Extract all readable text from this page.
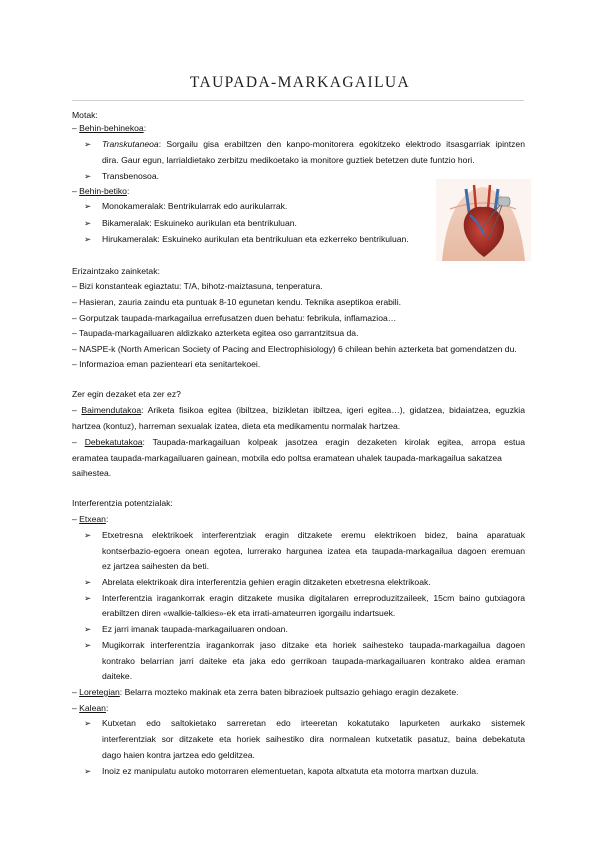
TAUPADA-MARKAGAILUA
Motak:
– Behin-behinekoa:
➢ Transkutaneoa: Sorgailu gisa erabiltzen den kanpo-monitorera egokitzeko elektrodo itsasgarriak ipintzen
dira. Gaur egun, larrialdietako zerbitzu medikoetako ia monitore guztiek betetzen dute funtzio hori.
➢ Transbenosoa.
– Behin-betiko:
➢ Monokameralak: Bentrikularrak edo aurikularrak.
➢ Bikameralak: Eskuineko aurikulan eta bentrikuluan.
➢ Hirukameralak: Eskuineko aurikulan eta bentrikuluan eta ezkerreko bentrikuluan.
Erizaintzako zainketak:
– Bizi konstanteak egiaztatu: T/A, bihotz-maiztasuna, tenperatura.
– Hasieran, zauria zaindu eta puntuak 8-10 egunetan kendu. Teknika aseptikoa erabili.
– Gorputzak taupada-markagailua errefusatzen duen behatu: febrikula, inflamazioa…
– Taupada-markagailuaren aldizkako azterketa egitea oso garrantzitsua da.
– NASPE-k (North American Society of Pacing and Electrophisiology) 6 chilean behin azterketa bat gomendatzen du.
– Informazioa eman pazienteari eta senitartekoei.
Zer egin dezaket eta zer ez?
– Baimendutakoa: Ariketa fisikoa egitea (ibiltzea, bizikletan ibiltzea, igeri egitea…), gidatzea, bidaiatzea, eguzkia
hartzea (kontuz), harreman sexualak izatea, dieta eta medikamentu normalak hartzea.
– Debekatutakoa: Taupada-markagailuan kolpeak jasotzea eragin dezaketen kirolak egitea, arropa estua
eramatea taupada-markagailuaren gainean, motxila edo poltsa eramatean uhalek taupada-markagailua sakatzea
saihestea.
Interferentzia potentzialak:
– Etxean:
➢ Etxetresna elektrikoek interferentziak eragin ditzakete eremu elektrikoen bidez, baina aparatuak
kontserbazio-egoera onean egotea, lurrerako hargunea izatea eta taupada-markagailua dagoen eremuan
ez jartzea saihesten da beti.
➢ Abrelata elektrikoak dira interferentzia gehien eragin ditzaketen etxetresna elektrikoak.
➢ Interferentzia iragankorrak eragin ditzakete musika digitalaren erreproduzitzaileek, 15cm baino gutxiagora
erabiltzen diren «walkie-talkies»-ek eta irrati-amateurren igorgailu indartsuek.
➢ Ez jarri imanak taupada-markagailuaren ondoan.
➢ Mugikorrak interferentzia iragankorrak jaso ditzake eta horiek saihesteko taupada-markagailua dagoen
kontrako belarrian jarri daiteke eta jaka edo gerrikoan taupada-markagailuaren kontrako aldea eraman
daiteke.
– Loretegian: Belarra mozteko makinak eta zerra baten bibrazioek pultsazio gehiago eragin dezakete.
– Kalean:
➢ Kutxetan edo saltokietako sarreretan edo irteeretan kokatutako lapurketen aurkako sistemek
interferentziak sor ditzakete eta horiek saihestiko dira normalean kutxetatik pasatuz, baina debekatuta
dago haien kontra jartzea edo gelditzea.
➢ Inoiz ez manipulatu autoko motorraren elementuetan, kapota altxatuta eta motorra martxan duzula.
